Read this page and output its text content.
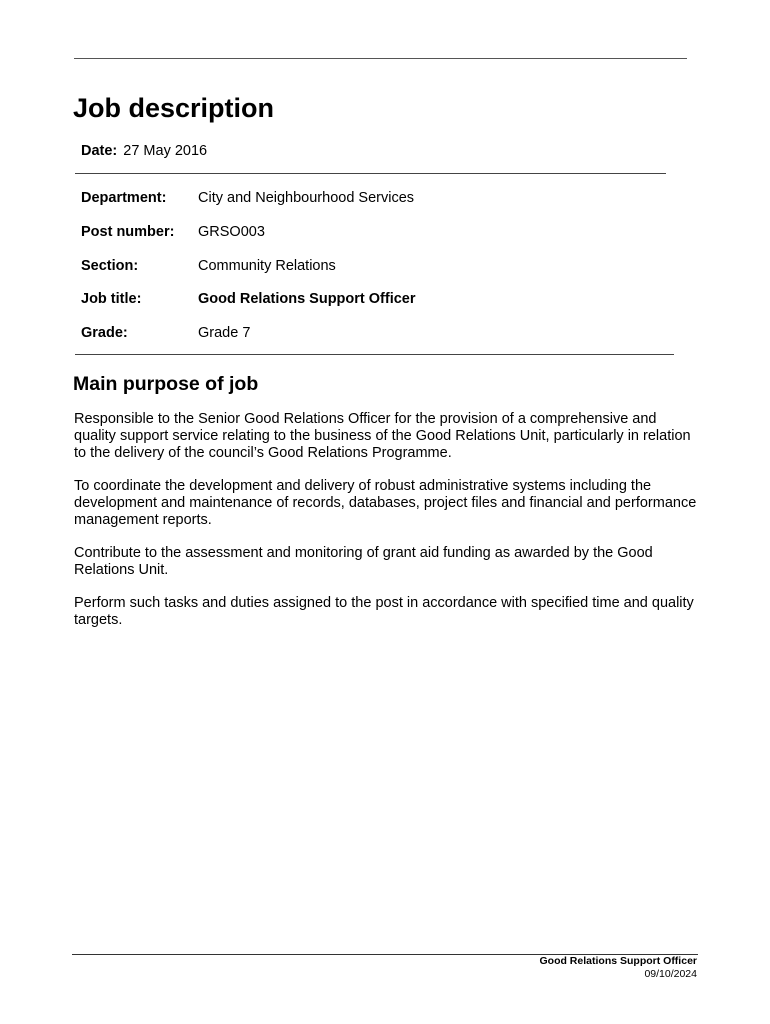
Job description
Date: 27 May 2016
Department: City and Neighbourhood Services
Post number: GRSO003
Section:	Community Relations
Job title:	Good Relations Support Officer
Grade:	Grade 7
Main purpose of job

Responsible to the Senior Good Relations Officer for the provision of a comprehensive and quality support service relating to the business of the Good Relations Unit, particularly in relation to the delivery of the council’s Good Relations Programme.

To coordinate the development and delivery of robust administrative systems including the development and maintenance of records, databases, project files and financial and performance management reports.

Contribute to the assessment and monitoring of grant aid funding as awarded by the Good Relations Unit.

Perform such tasks and duties assigned to the post in accordance with specified time and quality targets.

Good Relations Support Officer
09/10/2024
